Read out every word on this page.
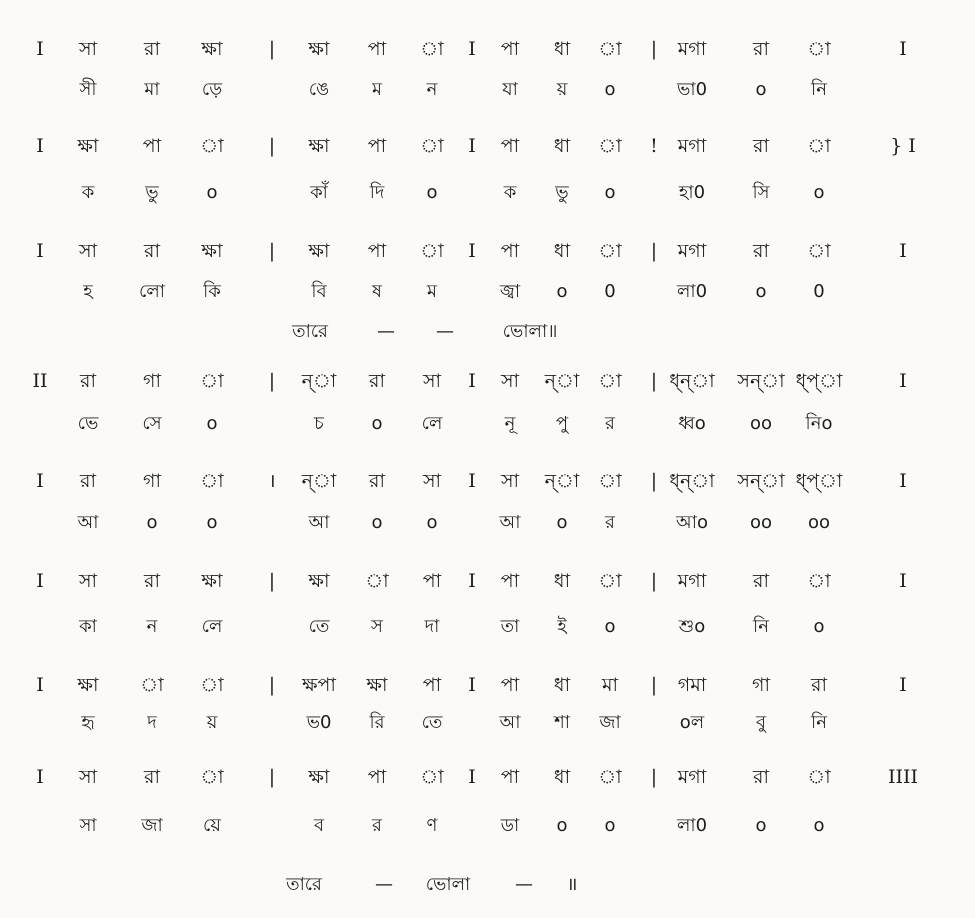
I সা রা ক্ষা | ক্ষা পা া I পা ধা া | মগা রা া	I
সী	মা ড়ে	ঙে ম ন	যা য় o	ভা0	o নি
I ক্ষা পা া | ক্ষা পা া I পা ধা া ! মগা রা া	} I
ক	ভু	o	কাঁ দি o	ক ভু o	হা0	সি o
I সা রা ক্ষা | ক্ষা পা া I পা ধা া | মগা রা া	I
হ	লো কি	বি	ষ	ম	জ্বা o 0	লা0	o	0
তারে	— —	ভোলা॥
II রা গা া | ন্া রা সা I সা ন্া া | ধ্ন্া সন্া ধ্প্া	I
ভে সে o	চ	o লে	নূ পু র	ধ্বo oo নিo
I রা গা া । ন্া রা সা I সা ন্া া | ধ্ন্া সন্া ধ্প্া	I
আ	o	o	আ o o	আ o র	আo oo oo
I সা রা ক্ষা | ক্ষা া পা I পা ধা া | মগা রা া	I
কা	ন লে	তে স দা	তা ই o	শুo	নি o
I ক্ষা া া | ক্ষপা ক্ষা পা I পা ধা মা | গমা গা রা	I
হৃ	দ	য়	ভ0 রি তে	আ শা জা	oল	বু	নি
I সা রা া | ক্ষা পা া I পা ধা া | মগা রা া	IIII
সা জা য়ে	ব	র ণ	ডা o o	লা0	o	o
তারে	— ভোলা — ॥
